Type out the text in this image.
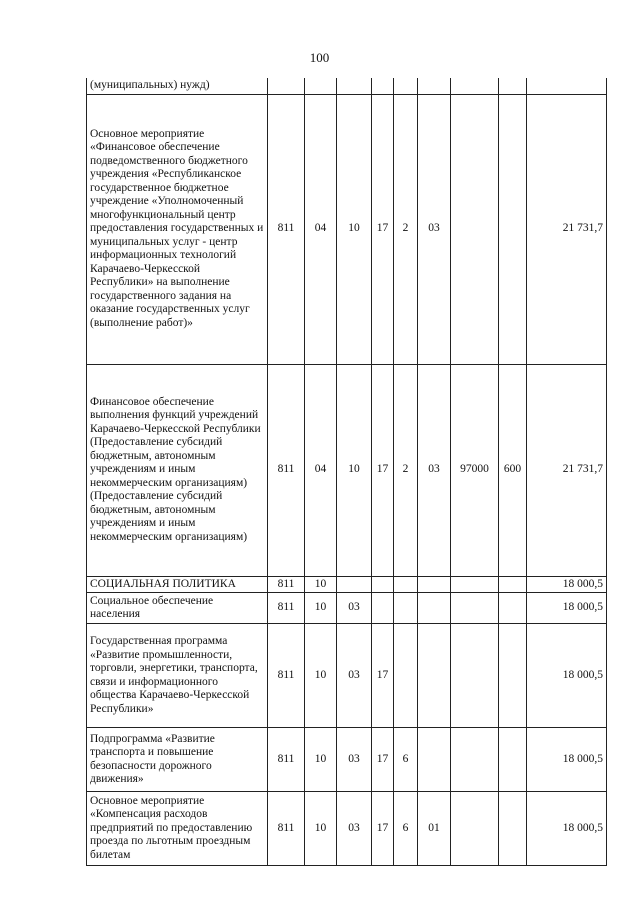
100
(муниципальных) нужд)									
Основное мероприятие «Финансовое обеспечение подведомственного бюджетного учреждения «Республиканское государственное бюджетное учреждение «Уполномоченный многофункциональный центр предоставления государственных и муниципальных услуг - центр информационных технологий Карачаево-Черкесской Республики» на выполнение государственного задания на оказание государственных услуг (выполнение работ)»	811	04	10	17	2	03			21 731,7
Финансовое обеспечение выполнения функций учреждений Карачаево-Черкесской Республики (Предоставление субсидий бюджетным, автономным учреждениям и иным некоммерческим организациям) (Предоставление субсидий бюджетным, автономным учреждениям и иным некоммерческим организациям)	811	04	10	17	2	03	97000	600	21 731,7
СОЦИАЛЬНАЯ ПОЛИТИКА	811	10							18 000,5
Социальное обеспечение населения	811	10	03						18 000,5
Государственная программа «Развитие промышленности, торговли, энергетики, транспорта, связи и информационного общества Карачаево-Черкесской Республики»	811	10	03	17					18 000,5
Подпрограмма «Развитие транспорта и повышение безопасности дорожного движения»	811	10	03	17	6				18 000,5
Основное мероприятие «Компенсация расходов предприятий по предоставлению проезда по льготным проездным билетам	811	10	03	17	6	01			18 000,5
